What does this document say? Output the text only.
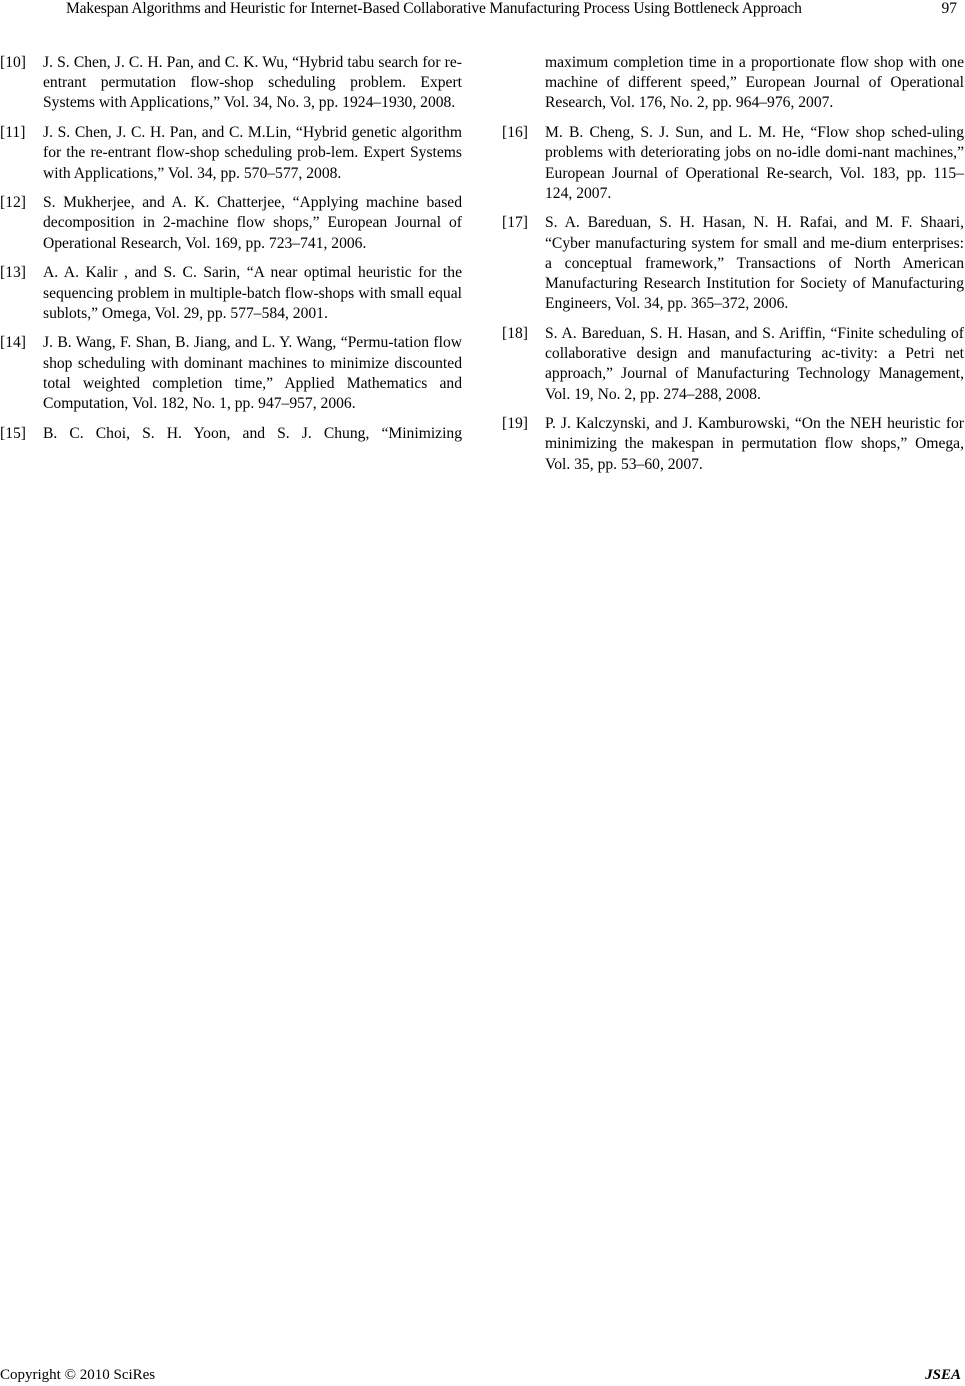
Makespan Algorithms and Heuristic for Internet-Based Collaborative Manufacturing Process Using Bottleneck Approach	97
[10] J. S. Chen, J. C. H. Pan, and C. K. Wu, “Hybrid tabu search for re-entrant permutation flow-shop scheduling problem. Expert Systems with Applications,” Vol. 34, No. 3, pp. 1924–1930, 2008.
[11] J. S. Chen, J. C. H. Pan, and C. M.Lin, “Hybrid genetic algorithm for the re-entrant flow-shop scheduling prob-lem. Expert Systems with Applications,” Vol. 34, pp. 570–577, 2008.
[12] S. Mukherjee, and A. K. Chatterjee, “Applying machine based decomposition in 2-machine flow shops,” European Journal of Operational Research, Vol. 169, pp. 723–741, 2006.
[13] A. A. Kalir , and S. C. Sarin, “A near optimal heuristic for the sequencing problem in multiple-batch flow-shops with small equal sublots,” Omega, Vol. 29, pp. 577–584, 2001.
[14] J. B. Wang, F. Shan, B. Jiang, and L. Y. Wang, “Permu-tation flow shop scheduling with dominant machines to minimize discounted total weighted completion time,” Applied Mathematics and Computation, Vol. 182, No. 1, pp. 947–957, 2006.
[15] B. C. Choi, S. H. Yoon, and S. J. Chung, “Minimizing
maximum completion time in a proportionate flow shop with one machine of different speed,” European Journal of Operational Research, Vol. 176, No. 2, pp. 964–976, 2007.
[16] M. B. Cheng, S. J. Sun, and L. M. He, “Flow shop sched-uling problems with deteriorating jobs on no-idle domi-nant machines,” European Journal of Operational Re-search, Vol. 183, pp. 115–124, 2007.
[17] S. A. Bareduan, S. H. Hasan, N. H. Rafai, and M. F. Shaari, “Cyber manufacturing system for small and me-dium enterprises: a conceptual framework,” Transactions of North American Manufacturing Research Institution for Society of Manufacturing Engineers, Vol. 34, pp. 365–372, 2006.
[18] S. A. Bareduan, S. H. Hasan, and S. Ariffin, “Finite scheduling of collaborative design and manufacturing ac-tivity: a Petri net approach,” Journal of Manufacturing Technology Management, Vol. 19, No. 2, pp. 274–288, 2008.
[19] P. J. Kalczynski, and J. Kamburowski, “On the NEH heuristic for minimizing the makespan in permutation flow shops,” Omega, Vol. 35, pp. 53–60, 2007.
Copyright © 2010 SciRes	JSEA
